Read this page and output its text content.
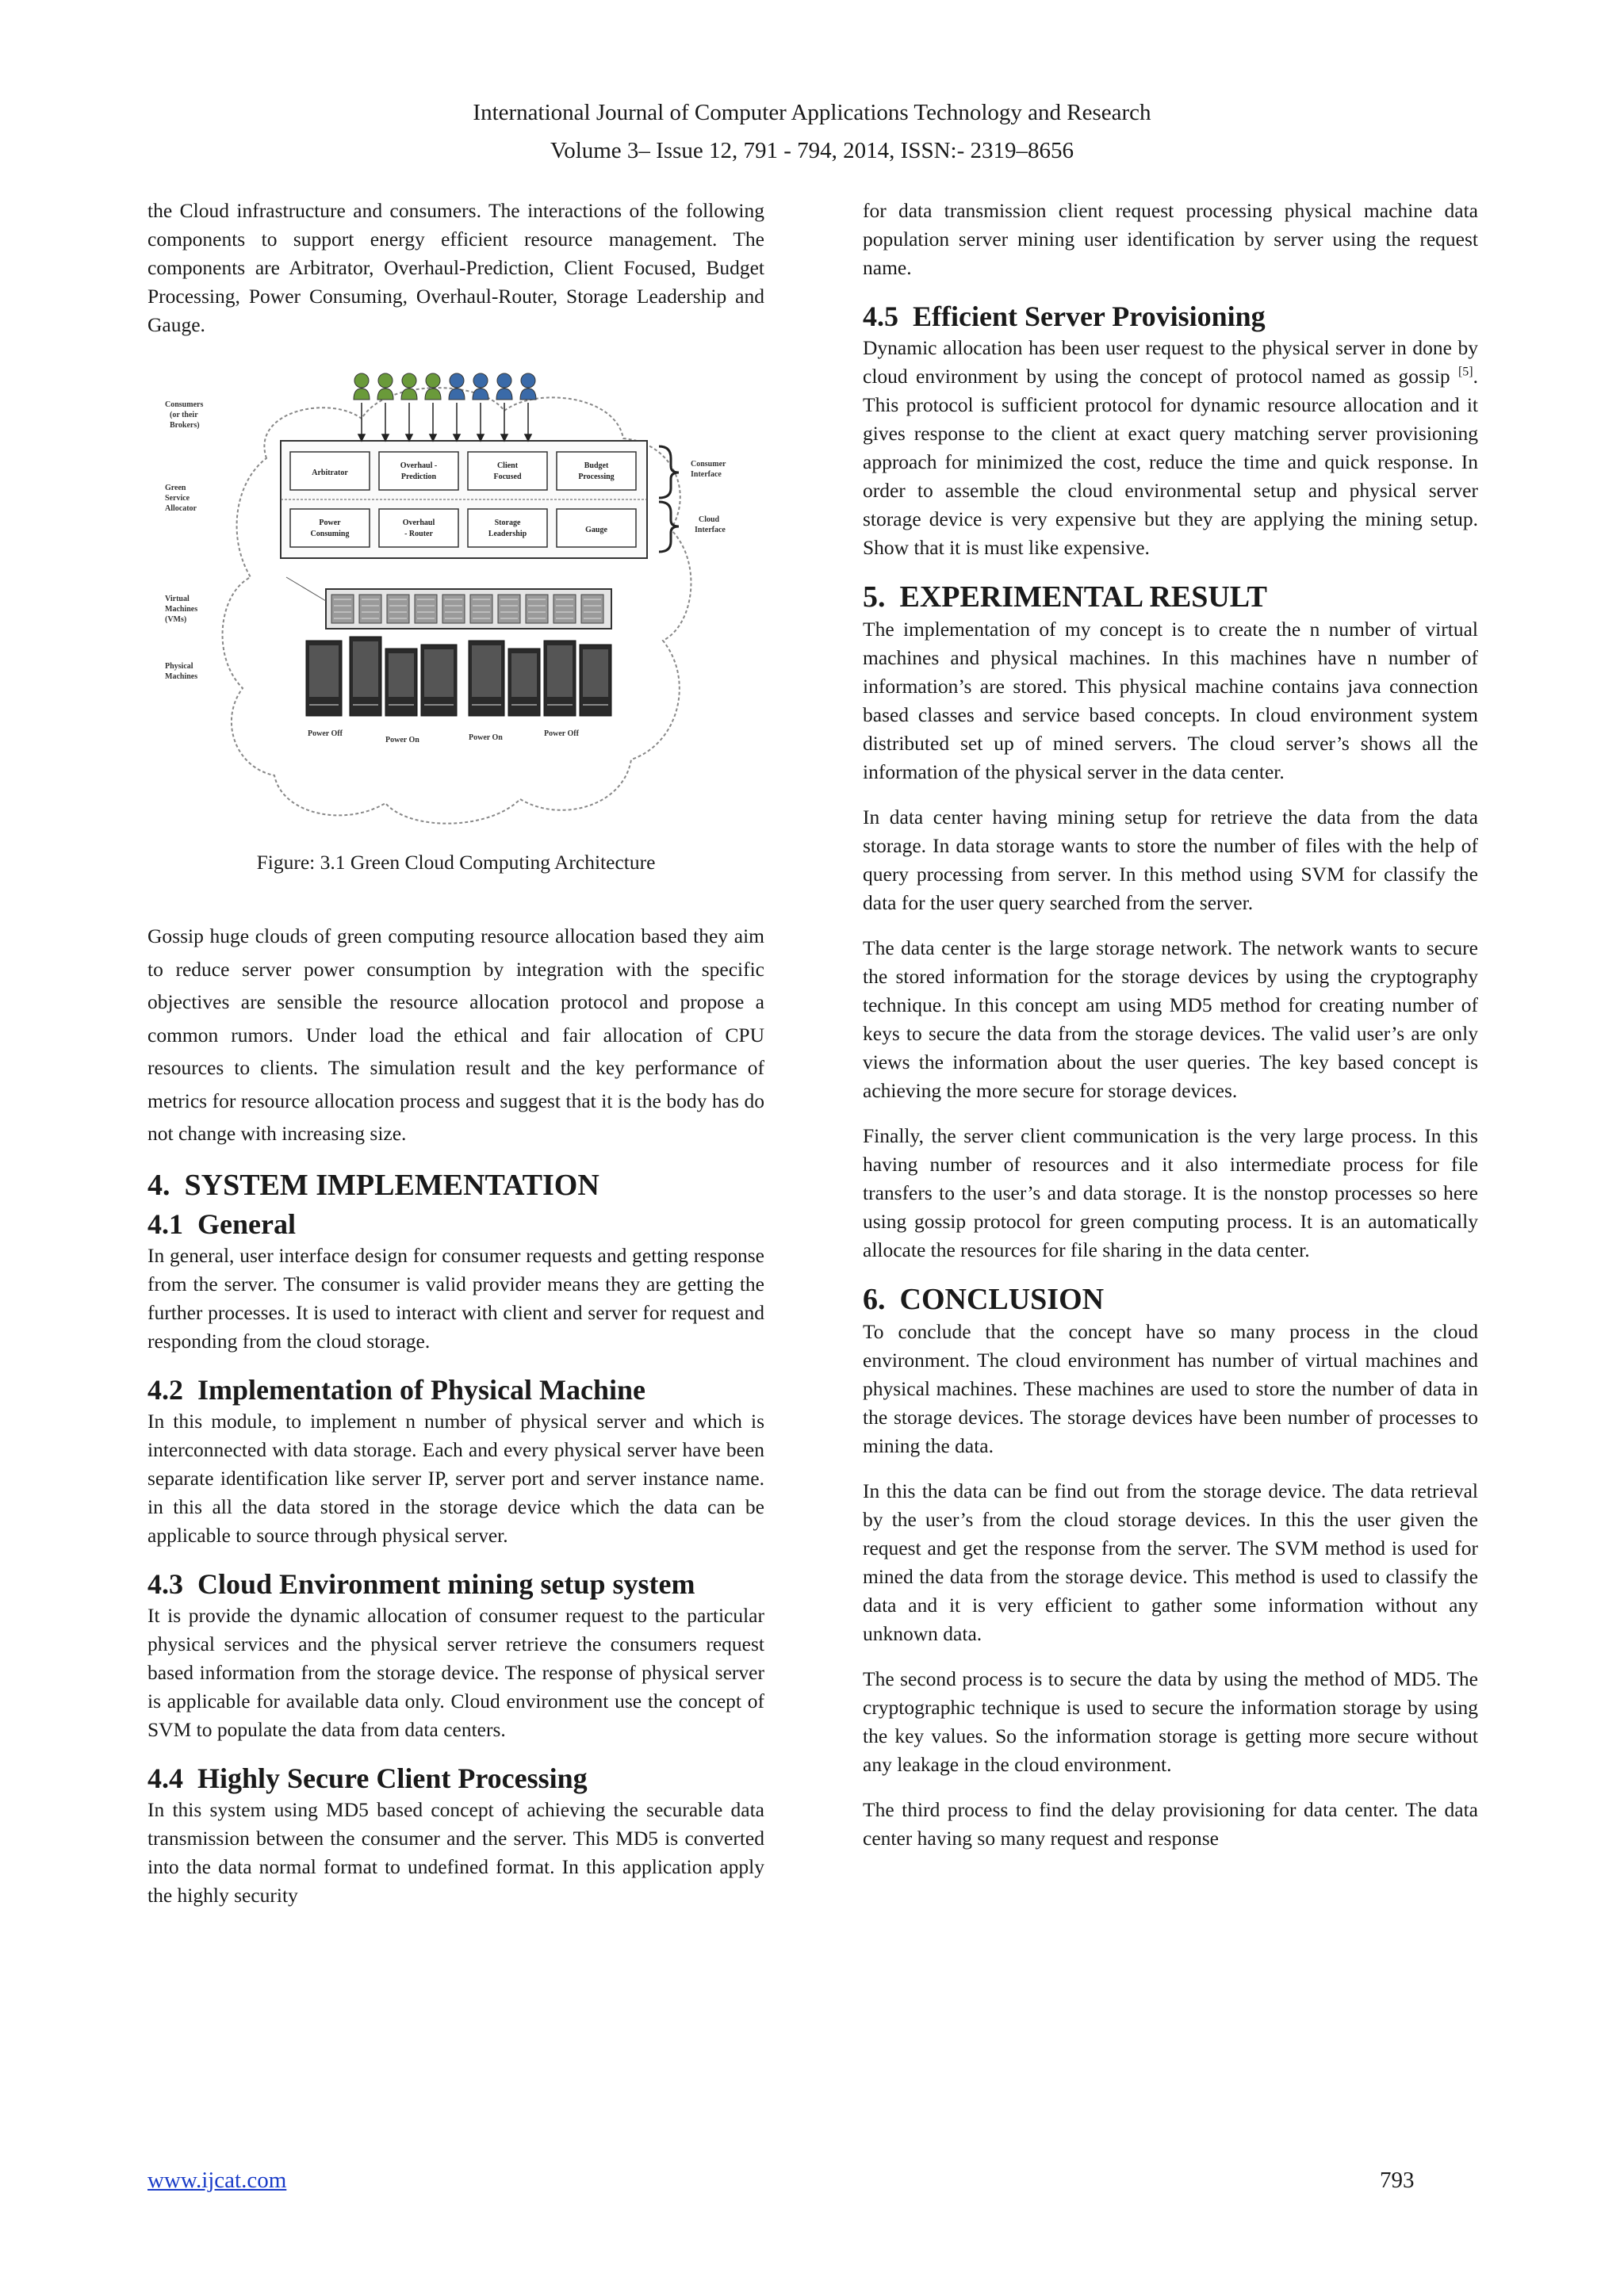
International Journal of Computer Applications Technology and Research
Volume 3– Issue 12, 791 - 794, 2014, ISSN:- 2319–8656

the Cloud infrastructure and consumers. The interactions of the following components to support energy efficient resource management. The components are Arbitrator, Overhaul-Prediction, Client Focused, Budget Processing, Power Consuming, Overhaul-Router, Storage Leadership and Gauge.

Consumers
(or their
Brokers)
Green
Service
Allocator
Virtual
Machines
(VMs)
Physical
Machines
Consumer
Interface
Cloud
Interface
Arbitrator
Overhaul -
Prediction
Client
Focused
Budget
Processing
Power
Consuming
Overhaul
- Router
Storage
Leadership	Gauge
Power Off
Power On	Power On	Power Off
Figure: 3.1 Green Cloud Computing Architecture

Gossip huge clouds of green computing resource allocation based they aim to reduce server power consumption by integration with the specific objectives are sensible the resource allocation protocol and propose a common rumors. Under load the ethical and fair allocation of CPU resources to clients. The simulation result and the key performance of metrics for resource allocation process and suggest that it is the body has do not change with increasing size.

4. SYSTEM IMPLEMENTATION
4.1 General

In general, user interface design for consumer requests and getting response from the server. The consumer is valid provider means they are getting the further processes. It is used to interact with client and server for request and responding from the cloud storage.

4.2 Implementation of Physical Machine

In this module, to implement n number of physical server and which is interconnected with data storage. Each and every physical server have been separate identification like server IP, server port and server instance name. in this all the data stored in the storage device which the data can be applicable to source through physical server.

4.3 Cloud Environment mining setup system

It is provide the dynamic allocation of consumer request to the particular physical services and the physical server retrieve the consumers request based information from the storage device. The response of physical server is applicable for available data only. Cloud environment use the concept of SVM to populate the data from data centers.

4.4 Highly Secure Client Processing

In this system using MD5 based concept of achieving the securable data transmission between the consumer and the server. This MD5 is converted into the data normal format to undefined format. In this application apply the highly security

for data transmission client request processing physical machine data population server mining user identification by server using the request name.

4.5 Efficient Server Provisioning

Dynamic allocation has been user request to the physical server in done by cloud environment by using the concept of protocol named as gossip [5]. This protocol is sufficient protocol for dynamic resource allocation and it gives response to the client at exact query matching server provisioning approach for minimized the cost, reduce the time and quick response. In order to assemble the cloud environmental setup and physical server storage device is very expensive but they are applying the mining setup. Show that it is must like expensive.

5. EXPERIMENTAL RESULT

The implementation of my concept is to create the n number of virtual machines and physical machines. In this machines have n number of information’s are stored. This physical machine contains java connection based classes and service based concepts. In cloud environment system distributed set up of mined servers. The cloud server’s shows all the information of the physical server in the data center.

In data center having mining setup for retrieve the data from the data storage. In data storage wants to store the number of files with the help of query processing from server. In this method using SVM for classify the data for the user query searched from the server.

The data center is the large storage network. The network wants to secure the stored information for the storage devices by using the cryptography technique. In this concept am using MD5 method for creating number of keys to secure the data from the storage devices. The valid user’s are only views the information about the user queries. The key based concept is achieving the more secure for storage devices.

Finally, the server client communication is the very large process. In this having number of resources and it also intermediate process for file transfers to the user’s and data storage. It is the nonstop processes so here using gossip protocol for green computing process. It is an automatically allocate the resources for file sharing in the data center.

6. CONCLUSION

To conclude that the concept have so many process in the cloud environment. The cloud environment has number of virtual machines and physical machines. These machines are used to store the number of data in the storage devices. The storage devices have been number of processes to mining the data.

In this the data can be find out from the storage device. The data retrieval by the user’s from the cloud storage devices. In this the user given the request and get the response from the server. The SVM method is used for mined the data from the storage device. This method is used to classify the data and it is very efficient to gather some information without any unknown data.

The second process is to secure the data by using the method of MD5. The cryptographic technique is used to secure the information storage by using the key values. So the information storage is getting more secure without any leakage in the cloud environment.

The third process to find the delay provisioning for data center. The data center having so many request and response

www.ijcat.com	793
